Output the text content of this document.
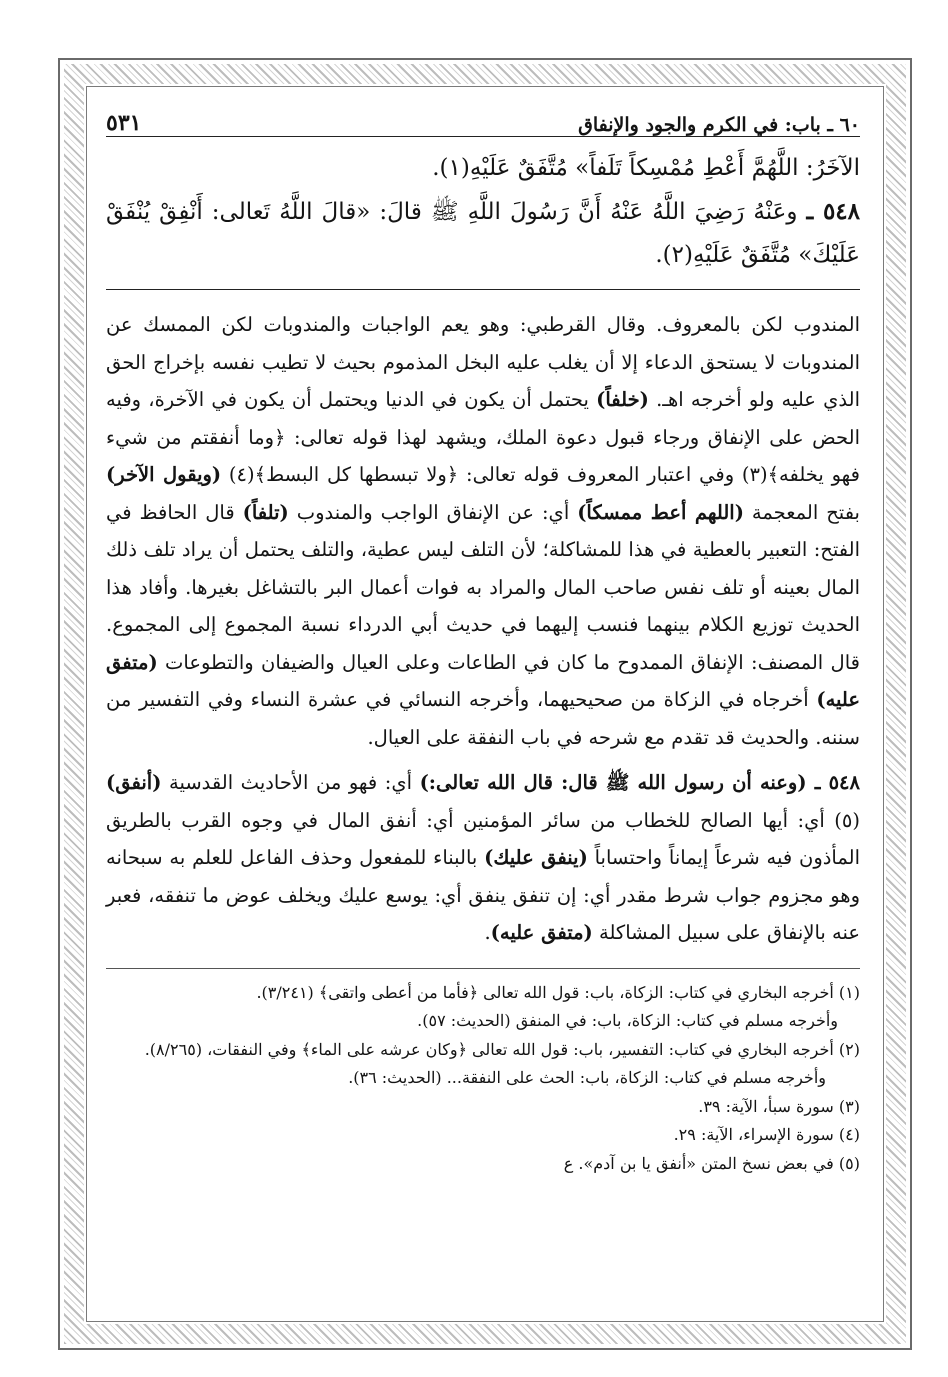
٦٠ ـ باب: في الكرم والجود والإنفاق
٥٣١
الآخَرُ: اللَّهُمَّ أَعْطِ مُمْسِكاً تَلَفاً» مُتَّفَقٌ عَلَيْهِ(١).
٥٤٨ ـ وعَنْهُ رَضِيَ اللَّهُ عَنْهُ أَنَّ رَسُولَ اللَّهِ ﷺ قالَ: «قالَ اللَّهُ تَعالى: أَنْفِقْ يُنْفَقْ عَلَيْكَ» مُتَّفَقٌ عَلَيْهِ(٢).

المندوب لكن بالمعروف. وقال القرطبي: وهو يعم الواجبات والمندوبات لكن الممسك عن المندوبات لا يستحق الدعاء إلا أن يغلب عليه البخل المذموم بحيث لا تطيب نفسه بإخراج الحق الذي عليه ولو أخرجه اهـ. (خلفاً) يحتمل أن يكون في الدنيا ويحتمل أن يكون في الآخرة، وفيه الحض على الإنفاق ورجاء قبول دعوة الملك، ويشهد لهذا قوله تعالى: ﴿وما أنفقتم من شيء فهو يخلفه﴾(٣) وفي اعتبار المعروف قوله تعالى: ﴿ولا تبسطها كل البسط﴾(٤) (ويقول الآخر) بفتح المعجمة (اللهم أعط ممسكاً) أي: عن الإنفاق الواجب والمندوب (تلفاً) قال الحافظ في الفتح: التعبير بالعطية في هذا للمشاكلة؛ لأن التلف ليس عطية، والتلف يحتمل أن يراد تلف ذلك المال بعينه أو تلف نفس صاحب المال والمراد به فوات أعمال البر بالتشاغل بغيرها. وأفاد هذا الحديث توزيع الكلام بينهما فنسب إليهما في حديث أبي الدرداء نسبة المجموع إلى المجموع. قال المصنف: الإنفاق الممدوح ما كان في الطاعات وعلى العيال والضيفان والتطوعات (متفق عليه) أخرجاه في الزكاة من صحيحيهما، وأخرجه النسائي في عشرة النساء وفي التفسير من سننه. والحديث قد تقدم مع شرحه في باب النفقة على العيال.

٥٤٨ ـ (وعنه أن رسول الله ﷺ قال: قال الله تعالى:) أي: فهو من الأحاديث القدسية (أنفق)(٥) أي: أيها الصالح للخطاب من سائر المؤمنين أي: أنفق المال في وجوه القرب بالطريق المأذون فيه شرعاً إيماناً واحتساباً (ينفق عليك) بالبناء للمفعول وحذف الفاعل للعلم به سبحانه وهو مجزوم جواب شرط مقدر أي: إن تنفق ينفق أي: يوسع عليك ويخلف عوض ما تنفقه، فعبر عنه بالإنفاق على سبيل المشاكلة (متفق عليه).

(١) أخرجه البخاري في كتاب: الزكاة، باب: قول الله تعالى ﴿فأما من أعطى واتقى﴾ (٣/٢٤١).

وأخرجه مسلم في كتاب: الزكاة، باب: في المنفق (الحديث: ٥٧).

(٢) أخرجه البخاري في كتاب: التفسير، باب: قول الله تعالى ﴿وكان عرشه على الماء﴾ وفي النفقات، (٨/٢٦٥).

وأخرجه مسلم في كتاب: الزكاة، باب: الحث على النفقة... (الحديث: ٣٦).

(٣) سورة سبأ، الآية: ٣٩.

(٤) سورة الإسراء، الآية: ٢٩.

(٥) في بعض نسخ المتن «أنفق يا بن آدم». ع
